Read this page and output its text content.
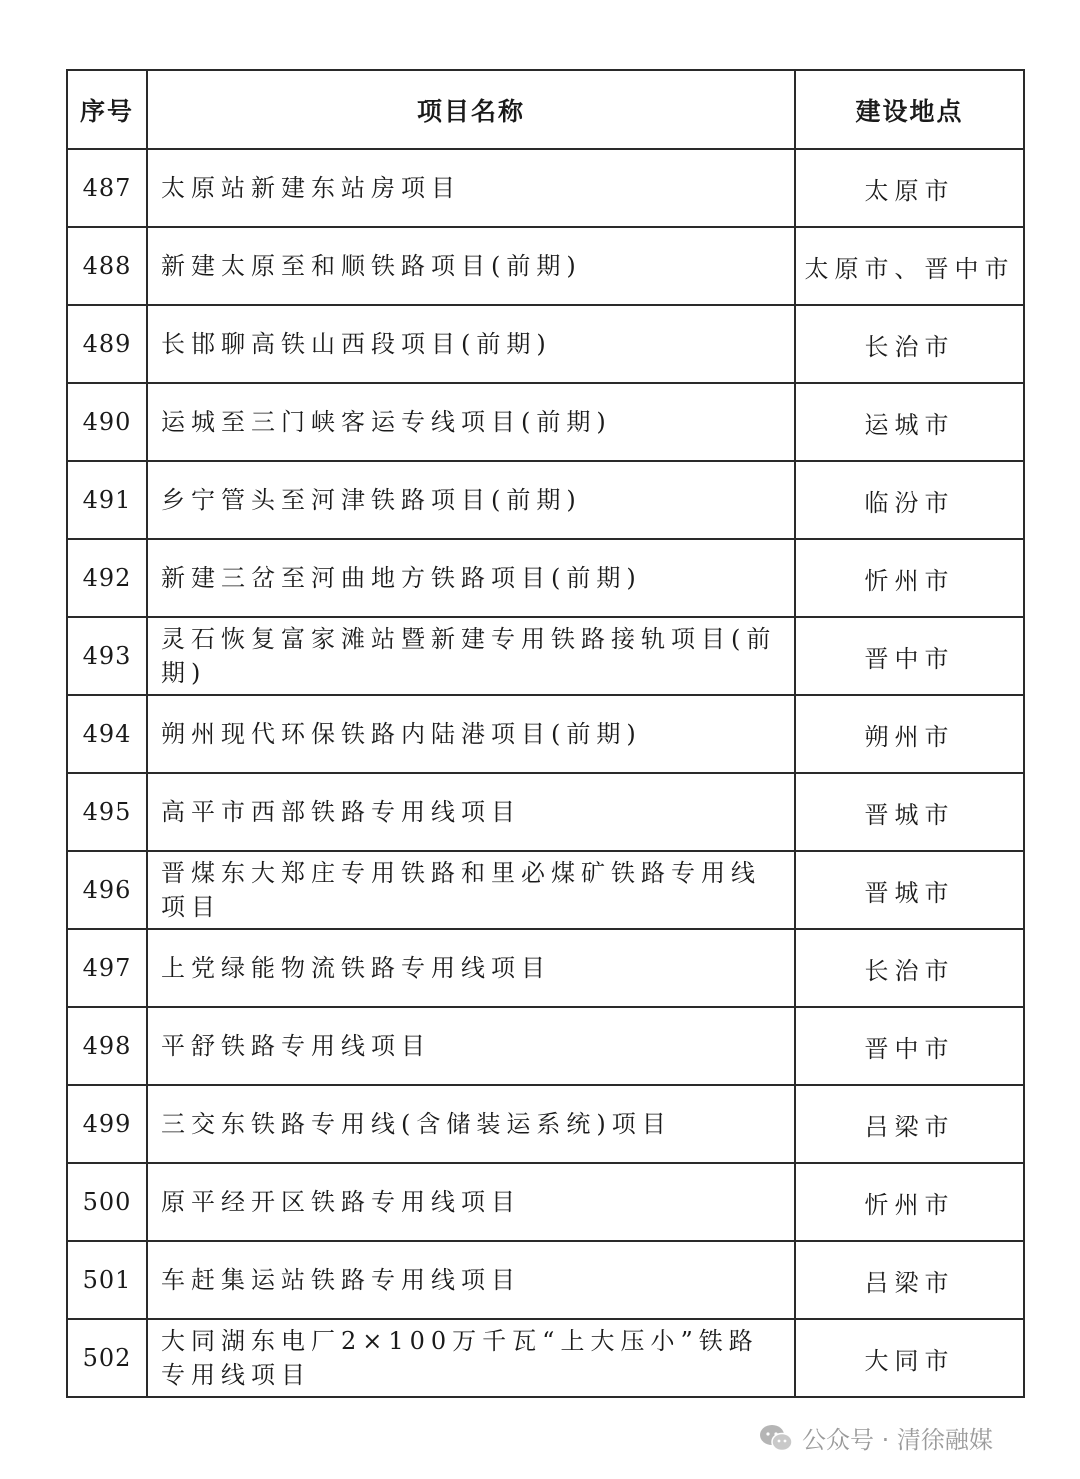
序号	项目名称	建设地点
487	太原站新建东站房项目	太原市
488	新建太原至和顺铁路项目(前期)	太原市、晋中市
489	长邯聊高铁山西段项目(前期)	长治市
490	运城至三门峡客运专线项目(前期)	运城市
491	乡宁管头至河津铁路项目(前期)	临汾市
492	新建三岔至河曲地方铁路项目(前期)	忻州市
493	灵石恢复富家滩站暨新建专用铁路接轨项目(前期)	晋中市
494	朔州现代环保铁路内陆港项目(前期)	朔州市
495	高平市西部铁路专用线项目	晋城市
496	晋煤东大郑庄专用铁路和里必煤矿铁路专用线项目	晋城市
497	上党绿能物流铁路专用线项目	长治市
498	平舒铁路专用线项目	晋中市
499	三交东铁路专用线(含储装运系统)项目	吕梁市
500	原平经开区铁路专用线项目	忻州市
501	车赶集运站铁路专用线项目	吕梁市
502	大同湖东电厂2×100万千瓦“上大压小”铁路专用线项目	大同市
公众号 · 清徐融媒
